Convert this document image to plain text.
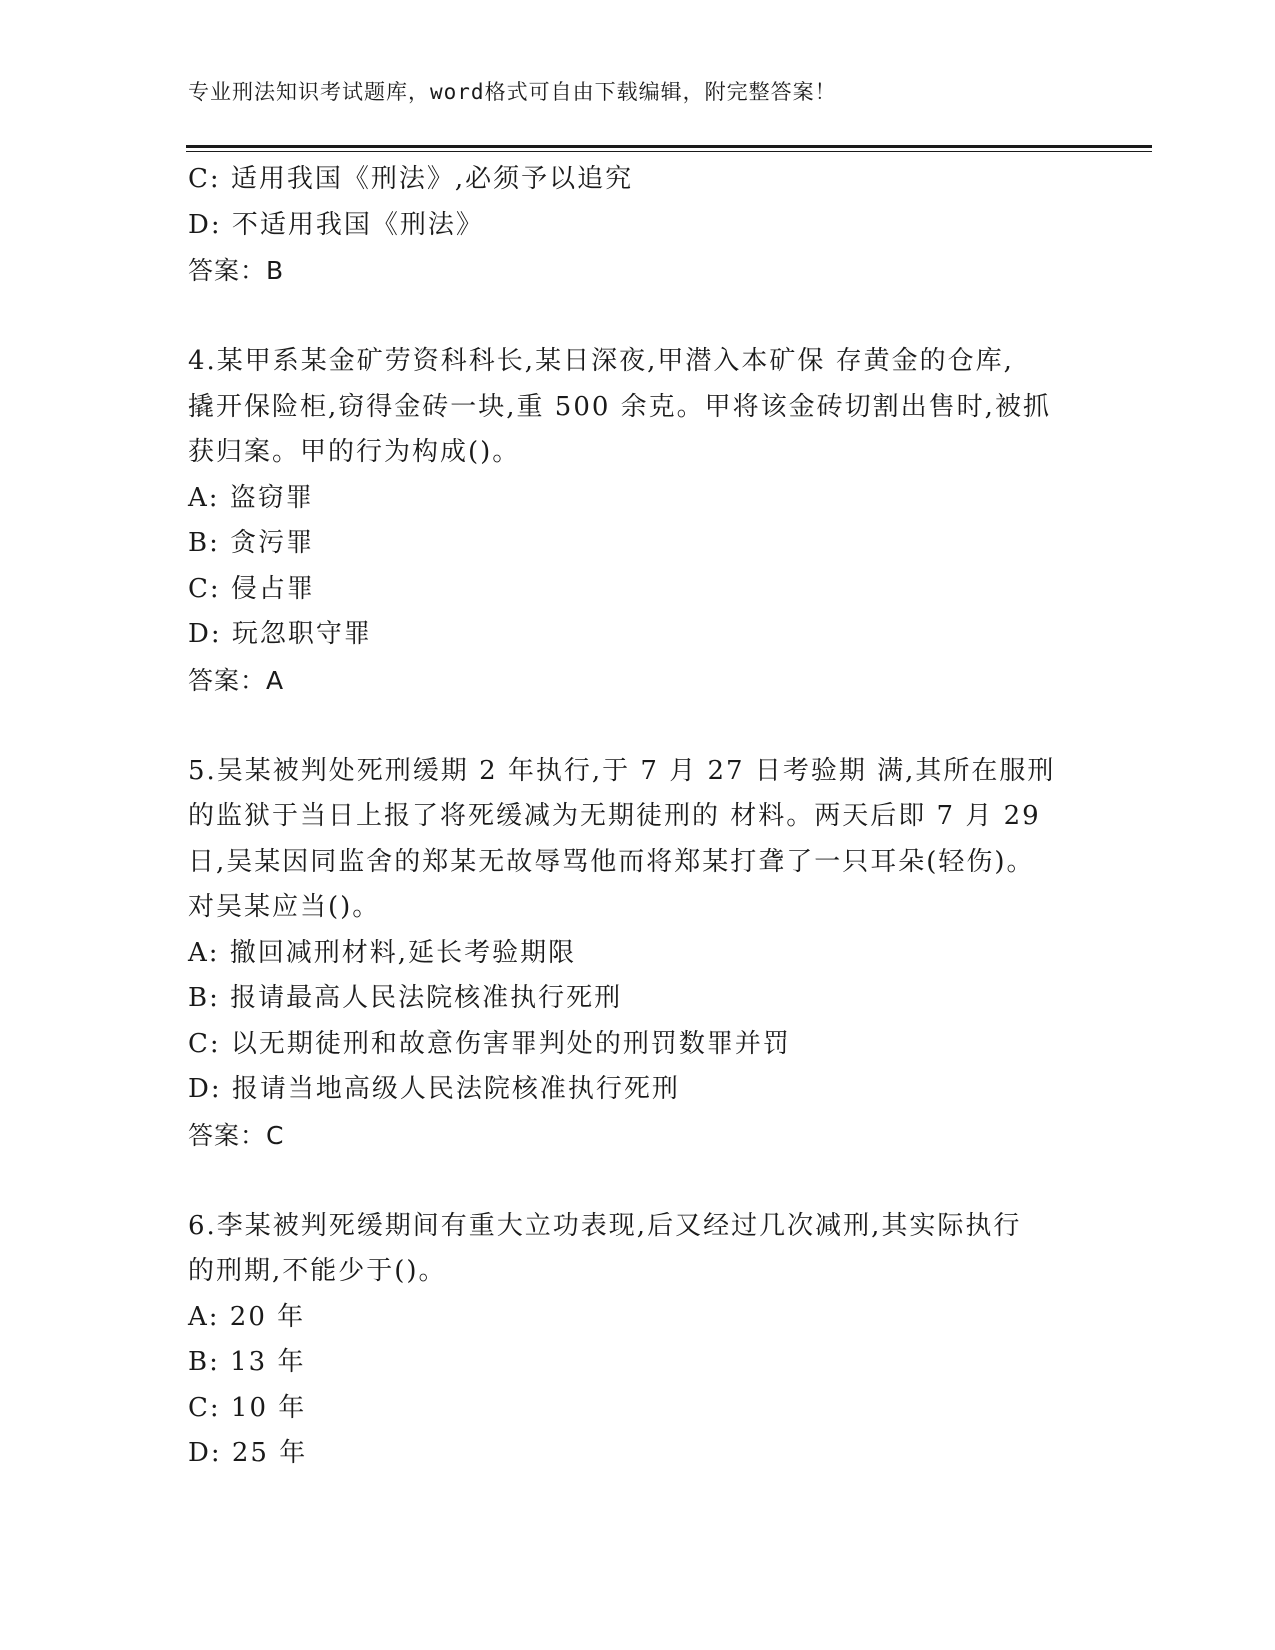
专业刑法知识考试题库，word格式可自由下载编辑，附完整答案！
C: 适用我国《刑法》,必须予以追究
D: 不适用我国《刑法》
答案：B
4.某甲系某金矿劳资科科长,某日深夜,甲潜入本矿保 存黄金的仓库,
撬开保险柜,窃得金砖一块,重 500 余克。甲将该金砖切割出售时,被抓
获归案。甲的行为构成()。
A: 盗窃罪
B: 贪污罪
C: 侵占罪
D: 玩忽职守罪
答案：A
5.吴某被判处死刑缓期 2 年执行,于 7 月 27 日考验期 满,其所在服刑
的监狱于当日上报了将死缓减为无期徒刑的 材料。两天后即 7 月 29
日,吴某因同监舍的郑某无故辱骂他而将郑某打聋了一只耳朵(轻伤)。
对吴某应当()。
A: 撤回减刑材料,延长考验期限
B: 报请最高人民法院核准执行死刑
C: 以无期徒刑和故意伤害罪判处的刑罚数罪并罚
D: 报请当地高级人民法院核准执行死刑
答案：C
6.李某被判死缓期间有重大立功表现,后又经过几次减刑,其实际执行
的刑期,不能少于()。
A: 20 年
B: 13 年
C: 10 年
D: 25 年
